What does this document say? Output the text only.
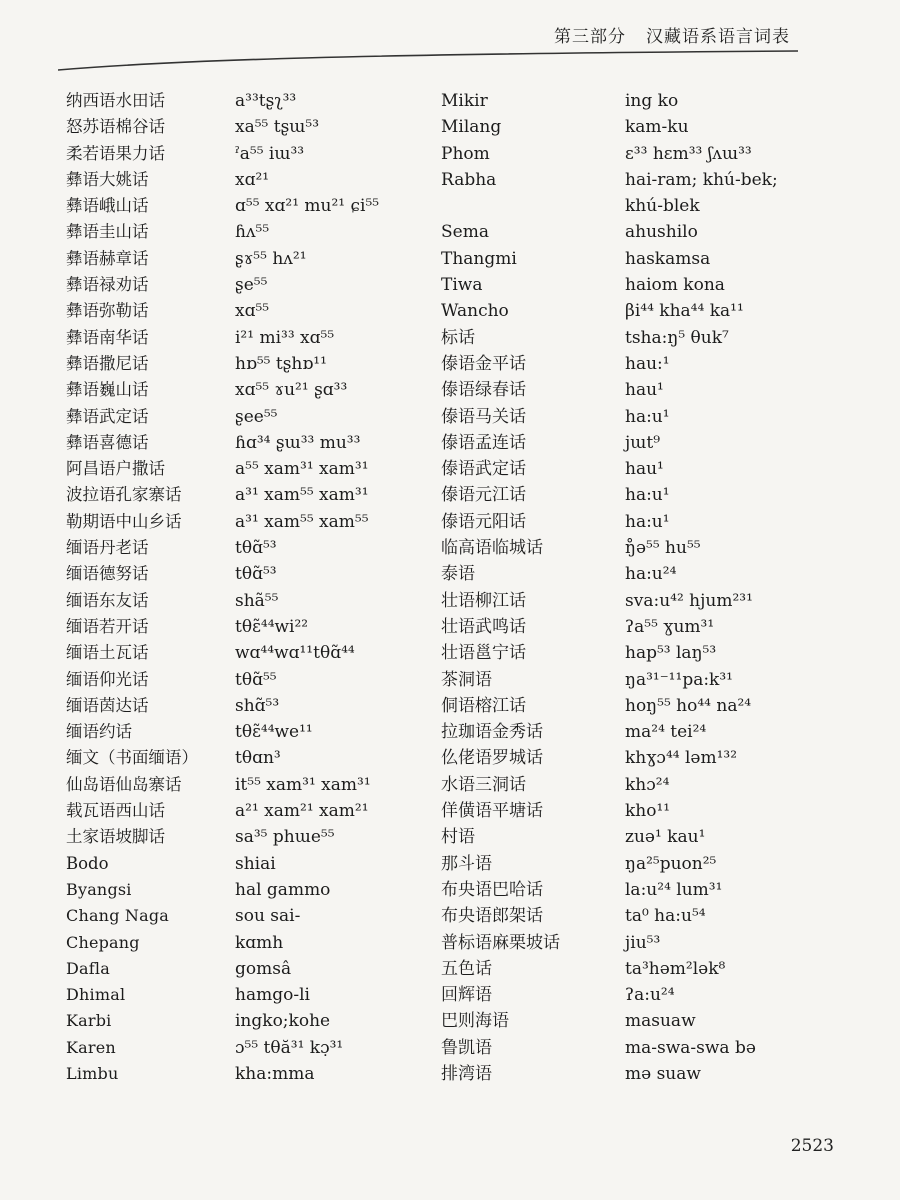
第三部分 汉藏语系语言词表
纳西语水田话
怒苏语棉谷话
柔若语果力话
彝语大姚话
彝语峨山话
彝语圭山话
彝语赫章话
彝语禄劝话
彝语弥勒话
彝语南华话
彝语撒尼话
彝语巍山话
彝语武定话
彝语喜德话
阿昌语户撒话
波拉语孔家寨话
勒期语中山乡话
缅语丹老话
缅语德努话
缅语东友话
缅语若开话
缅语土瓦话
缅语仰光话
缅语茵达话
缅语约话
缅文（书面缅语）
仙岛语仙岛寨话
载瓦语西山话
土家语坡脚话
Bodo
Byangsi
Chang Naga
Chepang
Dafla
Dhimal
Karbi
Karen
Limbu
a³³tʂʅ³³
xa⁵⁵ tʂɯ⁵³
ˀa⁵⁵ iɯ³³
xɑ²¹
ɑ⁵⁵ xɑ²¹ mu²¹ ɕi⁵⁵
ɦʌ⁵⁵
ʂɤ⁵⁵ hʌ²¹
ʂe⁵⁵
xɑ⁵⁵
i²¹ mi³³ xɑ⁵⁵
hɒ⁵⁵ tʂhɒ¹¹
xɑ⁵⁵ ɤu²¹ ʂɑ³³
ʂee⁵⁵
ɦɑ³⁴ ʂɯ³³ mu³³
a⁵⁵ xam³¹ xam³¹
a³¹ xam⁵⁵ xam³¹
a³¹ xam⁵⁵ xam⁵⁵
tθɑ̃⁵³
tθɑ̃⁵³
shã⁵⁵
tθɛ̃⁴⁴wi²²
wɑ⁴⁴wɑ¹¹tθɑ̃⁴⁴
tθɑ̃⁵⁵
shɑ̃⁵³
tθɛ̃⁴⁴we¹¹
tθɑn³
it⁵⁵ xam³¹ xam³¹
a²¹ xam²¹ xam²¹
sa³⁵ phɯe⁵⁵
shiai
hal gammo
sou sai-
kɑmh
gomsâ
hamgo-li
ingko;kohe
ɔ⁵⁵ tθă³¹ kɔ̣³¹
kha:mma
Mikir
Milang
Phom
Rabha
Sema
Thangmi
Tiwa
Wancho
标话
傣语金平话
傣语绿春话
傣语马关话
傣语孟连话
傣语武定话
傣语元江话
傣语元阳话
临高语临城话
泰语
壮语柳江话
壮语武鸣话
壮语邕宁话
茶洞语
侗语榕江话
拉珈语金秀话
仫佬语罗城话
水语三洞话
佯僙语平塘话
村语
那斗语
布央语巴哈话
布央语郎架话
普标语麻栗坡话
五色话
回辉语
巴则海语
鲁凯语
排湾语
ing ko
kam-ku
ɛ³³ hɛm³³ ʃʌɯ³³
hai-ram; khú-bek;
khú-blek
ahushilo
haskamsa
haiom kona
βi⁴⁴ kha⁴⁴ ka¹¹
tsha:ŋ⁵ θuk⁷
hau:¹
hau¹
ha:u¹
jɯt⁹
hau¹
ha:u¹
ha:u¹
ŋ̊ə⁵⁵ hu⁵⁵
ha:u²⁴
sva:u⁴² hjum²³¹
ʔa⁵⁵ ɣum³¹
hap⁵³ laŋ⁵³
ŋa³¹⁻¹¹pa:k³¹
hoŋ⁵⁵ ho⁴⁴ na²⁴
ma²⁴ tei²⁴
khɣɔ⁴⁴ ləm¹³²
khɔ²⁴
kho¹¹
zuə¹ kau¹
ŋa²⁵puon²⁵
la:u²⁴ lum³¹
ta⁰ ha:u⁵⁴
jiu⁵³
ta³həm²lək⁸
ʔa:u²⁴
masuaw
ma-swa-swa bə
mə suaw
2523
